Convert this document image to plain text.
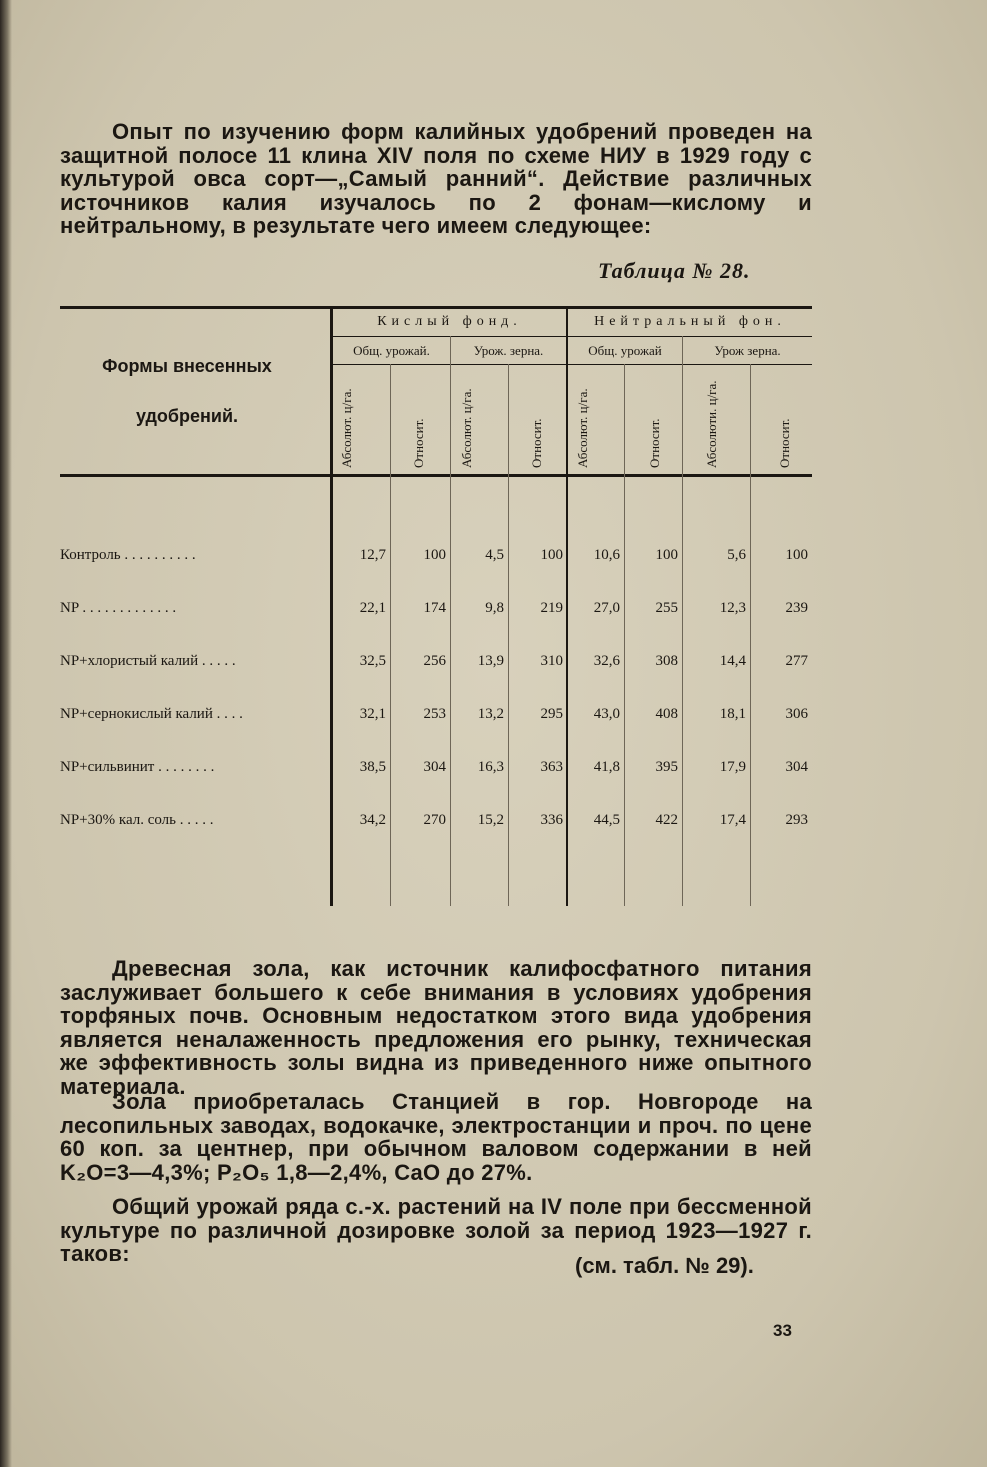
Опыт по изучению форм калийных удобрений проведен на защитной полосе 11 клина XIV поля по схеме НИУ в 1929 году с культурой овса сорт—„Самый ранний“. Действие различных источников калия изучалось по 2 фонам—кислому и нейтральному, в результате чего имеем следующее:
Таблица № 28.
Формы внесенных
удобрений.
Кислый фонд.	Нейтральный фон.
Общ. урожай.	Урож. зерна.	Общ. урожай	Урож зерна.
Абсолют. ц/га.	Относит.	Абсолют. ц/га.	Относит. Абсолют. ц/га.	Относит.	Абсолюти. ц/га.	Относит.
Контроль . . . . . . . . . .	12,7	100	4,5	100	10,6	100	5,6	100
NP . . . . . . . . . . . . .	22,1	174	9,8	219	27,0	255	12,3	239
NP+хлористый калий . . . . .	32,5	256	13,9	310	32,6	308	14,4	277
NP+сернокислый калий . . . .	32,1	253	13,2	295	43,0	408	18,1	306
NP+сильвинит . . . . . . . .	38,5	304	16,3	363	41,8	395	17,9	304
NP+30% кал. соль . . . . .	34,2	270	15,2	336	44,5	422	17,4	293
Древесная зола, как источник калифосфатного питания заслуживает большего к себе внимания в условиях удобрения торфяных почв. Основным недостатком этого вида удобрения является неналаженность предложения его рынку, техническая же эффективность золы видна из приведенного ниже опытного материала.
Зола приобреталась Станцией в гор. Новгороде на лесопильных заводах, водокачке, электростанции и проч. по цене 60 коп. за центнер, при обычном валовом содержании в ней K₂O=3—4,3%; P₂O₅ 1,8—2,4%, CaO до 27%.
Общий урожай ряда с.-х. растений на IV поле при бессменной культуре по различной дозировке золой за период 1923—1927 г. таков:	(см. табл. № 29).
33
